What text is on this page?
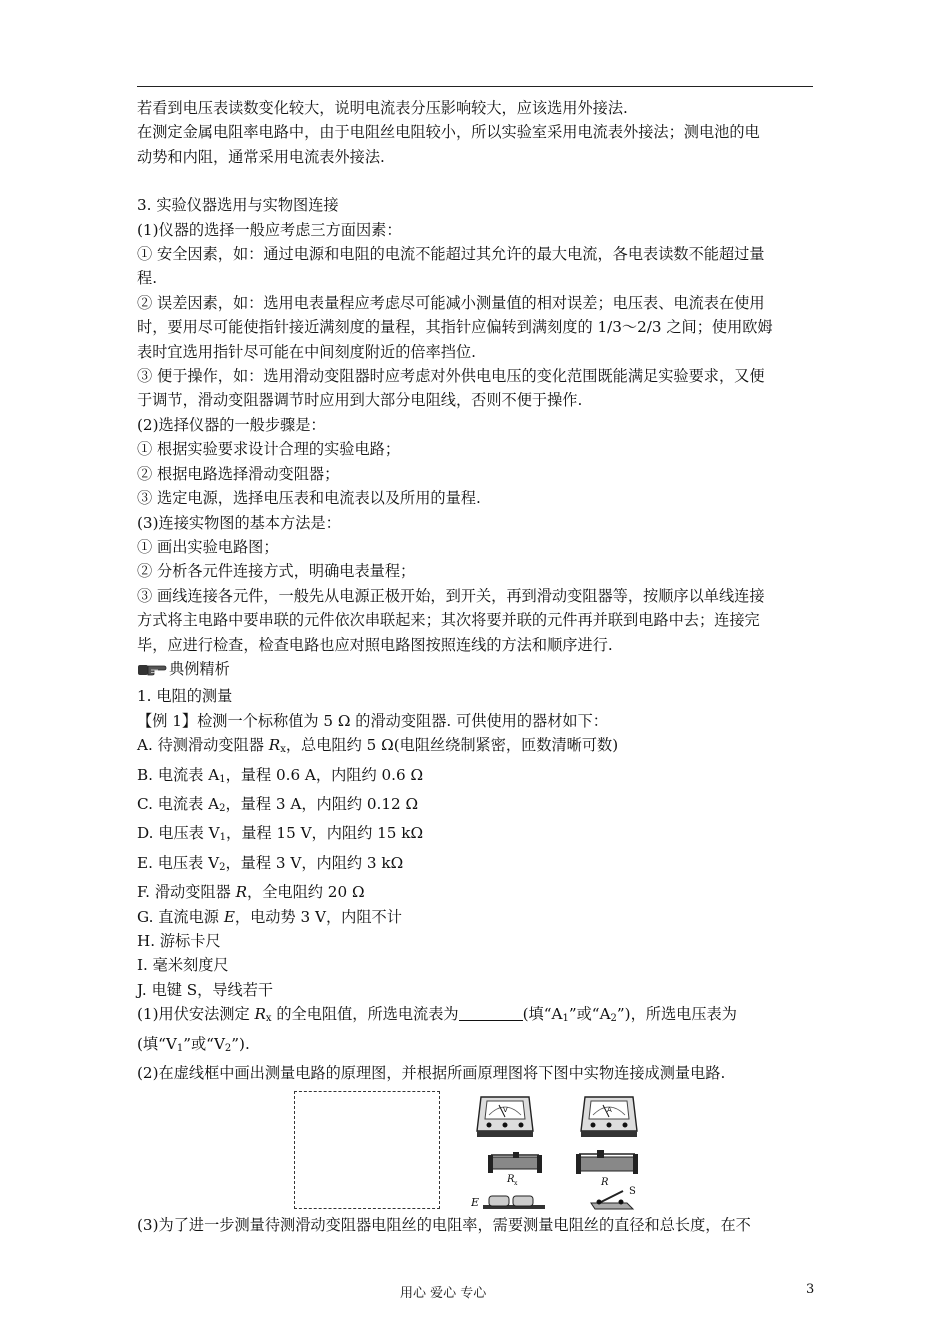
若看到电压表读数变化较大，说明电流表分压影响较大，应该选用外接法.

在测定金属电阻率电路中，由于电阻丝电阻较小，所以实验室采用电流表外接法；测电池的电

动势和内阻，通常采用电流表外接法.

3. 实验仪器选用与实物图连接

(1)仪器的选择一般应考虑三方面因素：

① 安全因素，如：通过电源和电阻的电流不能超过其允许的最大电流，各电表读数不能超过量

程.

② 误差因素，如：选用电表量程应考虑尽可能减小测量值的相对误差；电压表、电流表在使用

时，要用尽可能使指针接近满刻度的量程，其指针应偏转到满刻度的 1/3～2/3 之间；使用欧姆

表时宜选用指针尽可能在中间刻度附近的倍率挡位.

③ 便于操作，如：选用滑动变阻器时应考虑对外供电电压的变化范围既能满足实验要求，又便

于调节，滑动变阻器调节时应用到大部分电阻线，否则不便于操作.

(2)选择仪器的一般步骤是：

① 根据实验要求设计合理的实验电路；

② 根据电路选择滑动变阻器；

③ 选定电源，选择电压表和电流表以及所用的量程.

(3)连接实物图的基本方法是：

① 画出实验电路图；

② 分析各元件连接方式，明确电表量程；

③ 画线连接各元件，一般先从电源正极开始，到开关，再到滑动变阻器等，按顺序以单线连接

方式将主电路中要串联的元件依次串联起来；其次将要并联的元件再并联到电路中去；连接完

毕，应进行检查，检查电路也应对照电路图按照连线的方法和顺序进行.

典例精析

1. 电阻的测量

【例 1】检测一个标称值为 5 Ω 的滑动变阻器. 可供使用的器材如下：

A. 待测滑动变阻器 $R_x$，总电阻约 5 Ω(电阻丝绕制紧密，匝数清晰可数)

B. 电流表 $A_1$，量程 0.6 A，内阻约 0.6 Ω

C. 电流表 $A_2$，量程 3 A，内阻约 0.12 Ω

D. 电压表 $V_1$，量程 15 V，内阻约 15 kΩ

E. 电压表 $V_2$，量程 3 V，内阻约 3 kΩ

F. 滑动变阻器 R，全电阻约 20 Ω

G. 直流电源 E，电动势 3 V，内阻不计

H. 游标卡尺

I. 毫米刻度尺

J. 电键 S，导线若干

(1)用伏安法测定 $R_x$ 的全电阻值，所选电流表为	(填“$A_1$”或“$A_2$”)，所选电压表为

(填“$V_1$”或“$V_2$”).

(2)在虚线框中画出测量电路的原理图，并根据所画原理图将下图中实物连接成测量电路.

V	A
R x	R
E
S

(3)为了进一步测量待测滑动变阻器电阻丝的电阻率，需要测量电阻丝的直径和总长度，在不

用心 爱心 专心	3
